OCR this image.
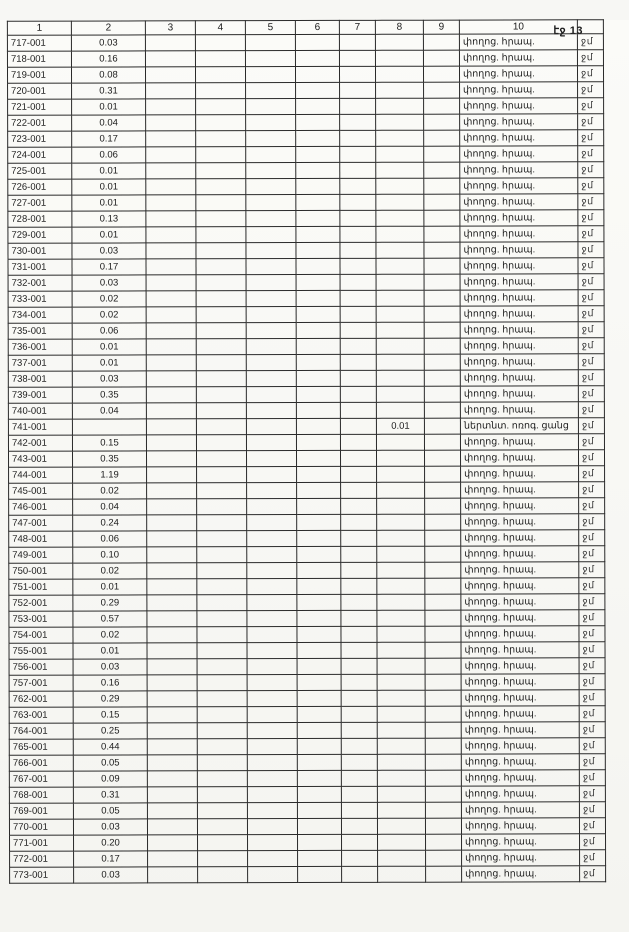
էջ 13
1	2	3	4	5	6	7	8	9	10	
717-001	0.03								փողոց. հրապ.	ջմ
718-001	0.16								փողոց. հրապ.	ջմ
719-001	0.08								փողոց. հրապ.	ջմ
720-001	0.31								փողոց. հրապ.	ջմ
721-001	0.01								փողոց. հրապ.	ջմ
722-001	0.04								փողոց. հրապ.	ջմ
723-001	0.17								փողոց. հրապ.	ջմ
724-001	0.06								փողոց. հրապ.	ջմ
725-001	0.01								փողոց. հրապ.	ջմ
726-001	0.01								փողոց. հրապ.	ջմ
727-001	0.01								փողոց. հրապ.	ջմ
728-001	0.13								փողոց. հրապ.	ջմ
729-001	0.01								փողոց. հրապ.	ջմ
730-001	0.03								փողոց. հրապ.	ջմ
731-001	0.17								փողոց. հրապ.	ջմ
732-001	0.03								փողոց. հրապ.	ջմ
733-001	0.02								փողոց. հրապ.	ջմ
734-001	0.02								փողոց. հրապ.	ջմ
735-001	0.06								փողոց. հրապ.	ջմ
736-001	0.01								փողոց. հրապ.	ջմ
737-001	0.01								փողոց. հրապ.	ջմ
738-001	0.03								փողոց. հրապ.	ջմ
739-001	0.35								փողոց. հրապ.	ջմ
740-001	0.04								փողոց. հրապ.	ջմ
741-001							0.01		ներտնտ. ոռոգ. ցանց	ջմ
742-001	0.15								փողոց. հրապ.	ջմ
743-001	0.35								փողոց. հրապ.	ջմ
744-001	1.19								փողոց. հրապ.	ջմ
745-001	0.02								փողոց. հրապ.	ջմ
746-001	0.04								փողոց. հրապ.	ջմ
747-001	0.24								փողոց. հրապ.	ջմ
748-001	0.06								փողոց. հրապ.	ջմ
749-001	0.10								փողոց. հրապ.	ջմ
750-001	0.02								փողոց. հրապ.	ջմ
751-001	0.01								փողոց. հրապ.	ջմ
752-001	0.29								փողոց. հրապ.	ջմ
753-001	0.57								փողոց. հրապ.	ջմ
754-001	0.02								փողոց. հրապ.	ջմ
755-001	0.01								փողոց. հրապ.	ջմ
756-001	0.03								փողոց. հրապ.	ջմ
757-001	0.16								փողոց. հրապ.	ջմ
762-001	0.29								փողոց. հրապ.	ջմ
763-001	0.15								փողոց. հրապ.	ջմ
764-001	0.25								փողոց. հրապ.	ջմ
765-001	0.44								փողոց. հրապ.	ջմ
766-001	0.05								փողոց. հրապ.	ջմ
767-001	0.09								փողոց. հրապ.	ջմ
768-001	0.31								փողոց. հրապ.	ջմ
769-001	0.05								փողոց. հրապ.	ջմ
770-001	0.03								փողոց. հրապ.	ջմ
771-001	0.20								փողոց. հրապ.	ջմ
772-001	0.17								փողոց. հրապ.	ջմ
773-001	0.03								փողոց. հրապ.	ջմ
